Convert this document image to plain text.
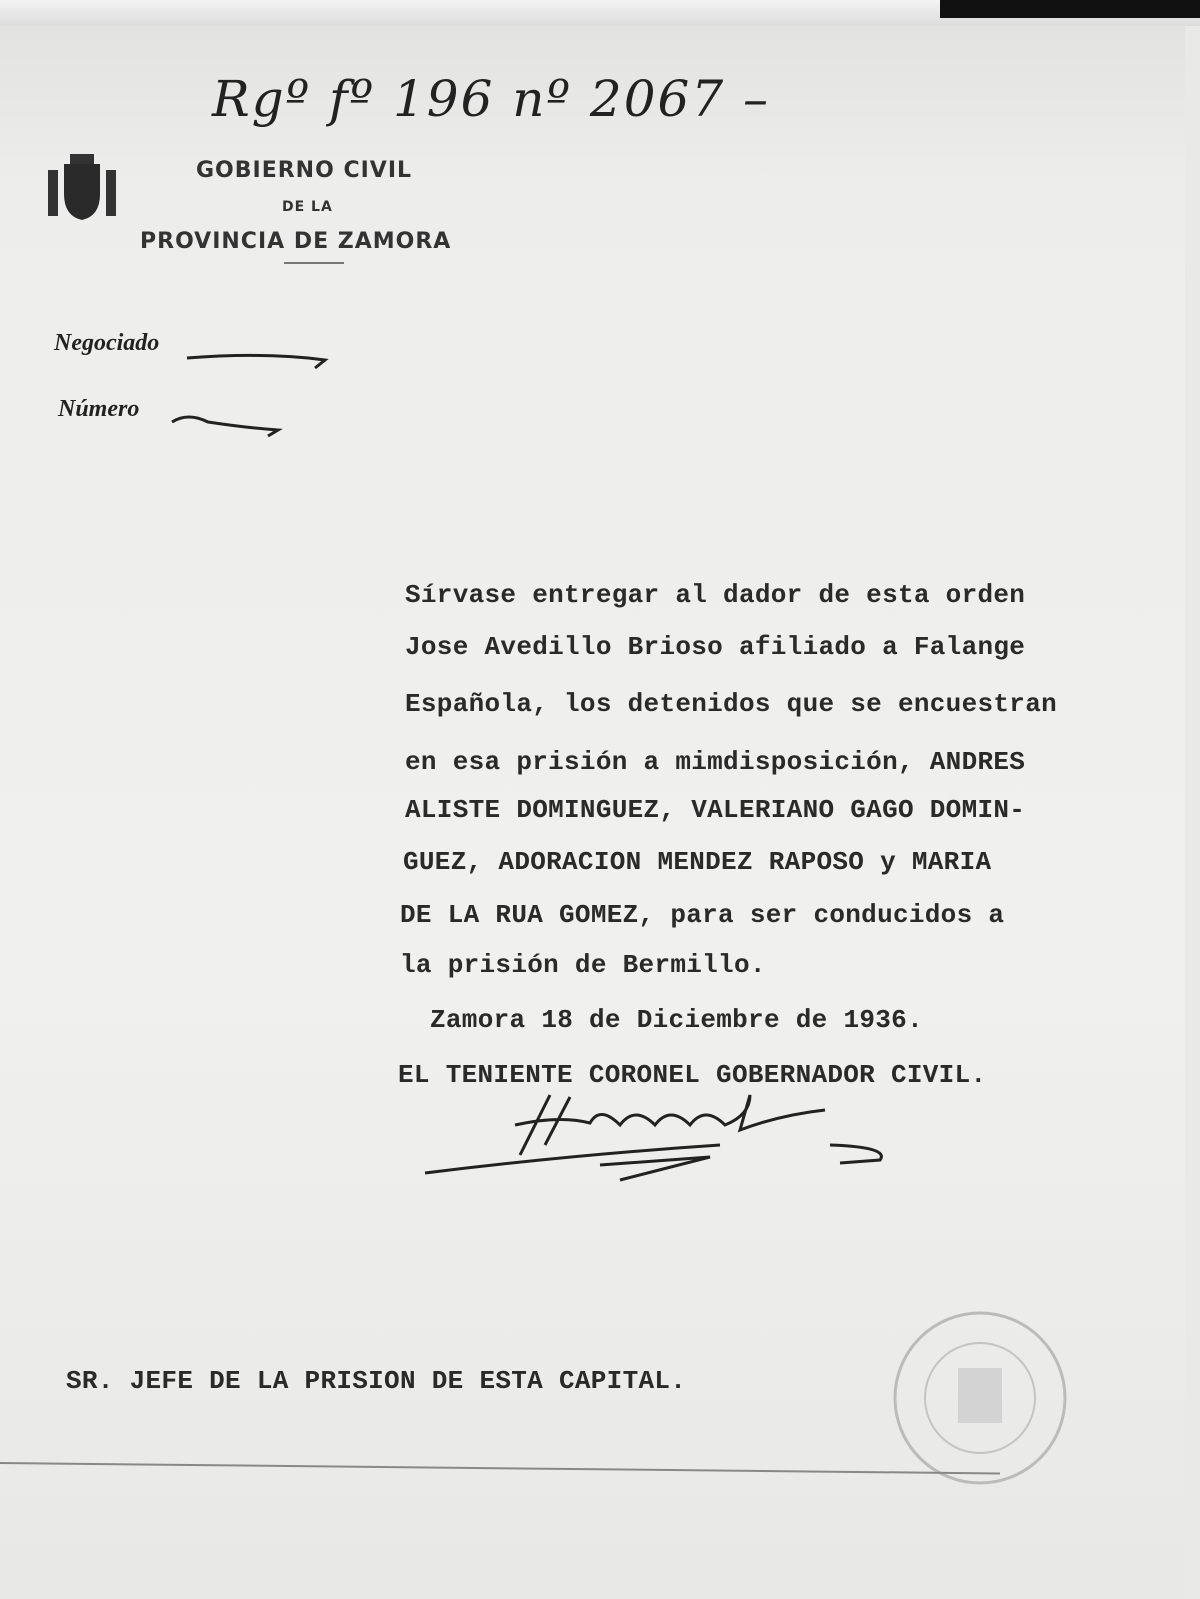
Rgº fº 196 nº 2067 –
GOBIERNO CIVIL
DE LA
PROVINCIA DE ZAMORA
Negociado
Número
Sírvase entregar al dador de esta orden
Jose Avedillo Brioso afiliado a Falange
Española, los detenidos que se encuestran
en esa prisión a mimdisposición, ANDRES
ALISTE DOMINGUEZ, VALERIANO GAGO DOMIN-
GUEZ, ADORACION MENDEZ RAPOSO y MARIA
DE LA RUA GOMEZ, para ser conducidos a
la prisión de Bermillo.
Zamora 18 de Diciembre de 1936.
EL TENIENTE CORONEL GOBERNADOR CIVIL.
SR. JEFE DE LA PRISION DE ESTA CAPITAL.
